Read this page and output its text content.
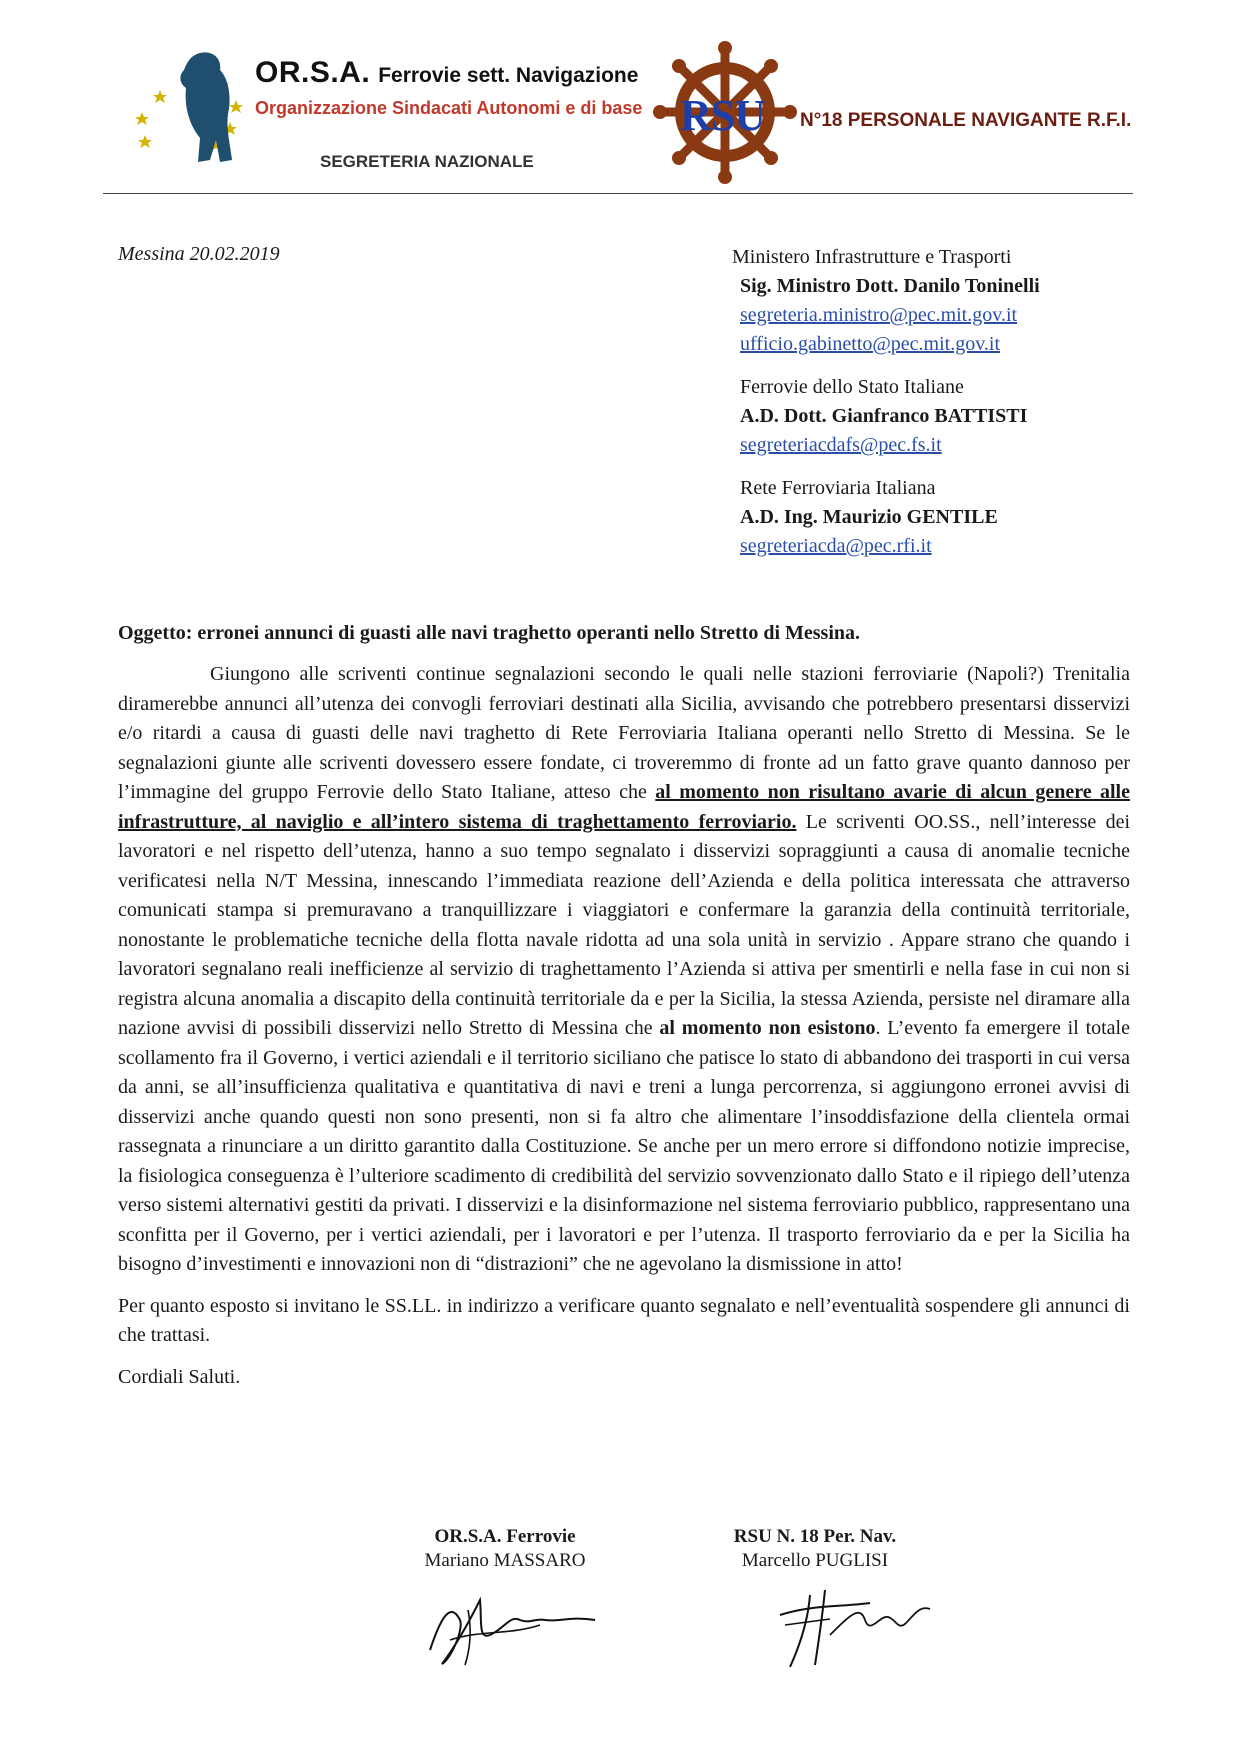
OR.S.A. Ferrovie sett. Navigazione
Organizzazione Sindacati Autonomi e di base
SEGRETERIA NAZIONALE
RSU N°18 PERSONALE NAVIGANTE R.F.I.
Messina 20.02.2019	Ministero Infrastrutture e Trasporti
Sig. Ministro Dott. Danilo Toninelli
segreteria.ministro@pec.mit.gov.it
ufficio.gabinetto@pec.mit.gov.it
Ferrovie dello Stato Italiane
A.D. Dott. Gianfranco BATTISTI
segreteriacdafs@pec.fs.it
Rete Ferroviaria Italiana
A.D. Ing. Maurizio GENTILE
segreteriacda@pec.rfi.it
Oggetto: erronei annunci di guasti alle navi traghetto operanti nello Stretto di Messina.

Giungono alle scriventi continue segnalazioni secondo le quali nelle stazioni ferroviarie (Napoli?) Trenitalia diramerebbe annunci all’utenza dei convogli ferroviari destinati alla Sicilia, avvisando che potrebbero presentarsi disservizi e/o ritardi a causa di guasti delle navi traghetto di Rete Ferroviaria Italiana operanti nello Stretto di Messina. Se le segnalazioni giunte alle scriventi dovessero essere fondate, ci troveremmo di fronte ad un fatto grave quanto dannoso per l’immagine del gruppo Ferrovie dello Stato Italiane, atteso che al momento non risultano avarie di alcun genere alle infrastrutture, al naviglio e all’intero sistema di traghettamento ferroviario. Le scriventi OO.SS., nell’interesse dei lavoratori e nel rispetto dell’utenza, hanno a suo tempo segnalato i disservizi sopraggiunti a causa di anomalie tecniche verificatesi nella N/T Messina, innescando l’immediata reazione dell’Azienda e della politica interessata che attraverso comunicati stampa si premuravano a tranquillizzare i viaggiatori e confermare la garanzia della continuità territoriale, nonostante le problematiche tecniche della flotta navale ridotta ad una sola unità in servizio . Appare strano che quando i lavoratori segnalano reali inefficienze al servizio di traghettamento l’Azienda si attiva per smentirli e nella fase in cui non si registra alcuna anomalia a discapito della continuità territoriale da e per la Sicilia, la stessa Azienda, persiste nel diramare alla nazione avvisi di possibili disservizi nello Stretto di Messina che al momento non esistono. L’evento fa emergere il totale scollamento fra il Governo, i vertici aziendali e il territorio siciliano che patisce lo stato di abbandono dei trasporti in cui versa da anni, se all’insufficienza qualitativa e quantitativa di navi e treni a lunga percorrenza, si aggiungono erronei avvisi di disservizi anche quando questi non sono presenti, non si fa altro che alimentare l’insoddisfazione della clientela ormai rassegnata a rinunciare a un diritto garantito dalla Costituzione. Se anche per un mero errore si diffondono notizie imprecise, la fisiologica conseguenza è l’ulteriore scadimento di credibilità del servizio sovvenzionato dallo Stato e il ripiego dell’utenza verso sistemi alternativi gestiti da privati. I disservizi e la disinformazione nel sistema ferroviario pubblico, rappresentano una sconfitta per il Governo, per i vertici aziendali, per i lavoratori e per l’utenza. Il trasporto ferroviario da e per la Sicilia ha bisogno d’investimenti e innovazioni non di “distrazioni” che ne agevolano la dismissione in atto!

Per quanto esposto si invitano le SS.LL. in indirizzo a verificare quanto segnalato e nell’eventualità sospendere gli annunci di che trattasi.

Cordiali Saluti.

OR.S.A. Ferrovie
Mariano MASSARO
RSU N. 18 Per. Nav.
Marcello PUGLISI
